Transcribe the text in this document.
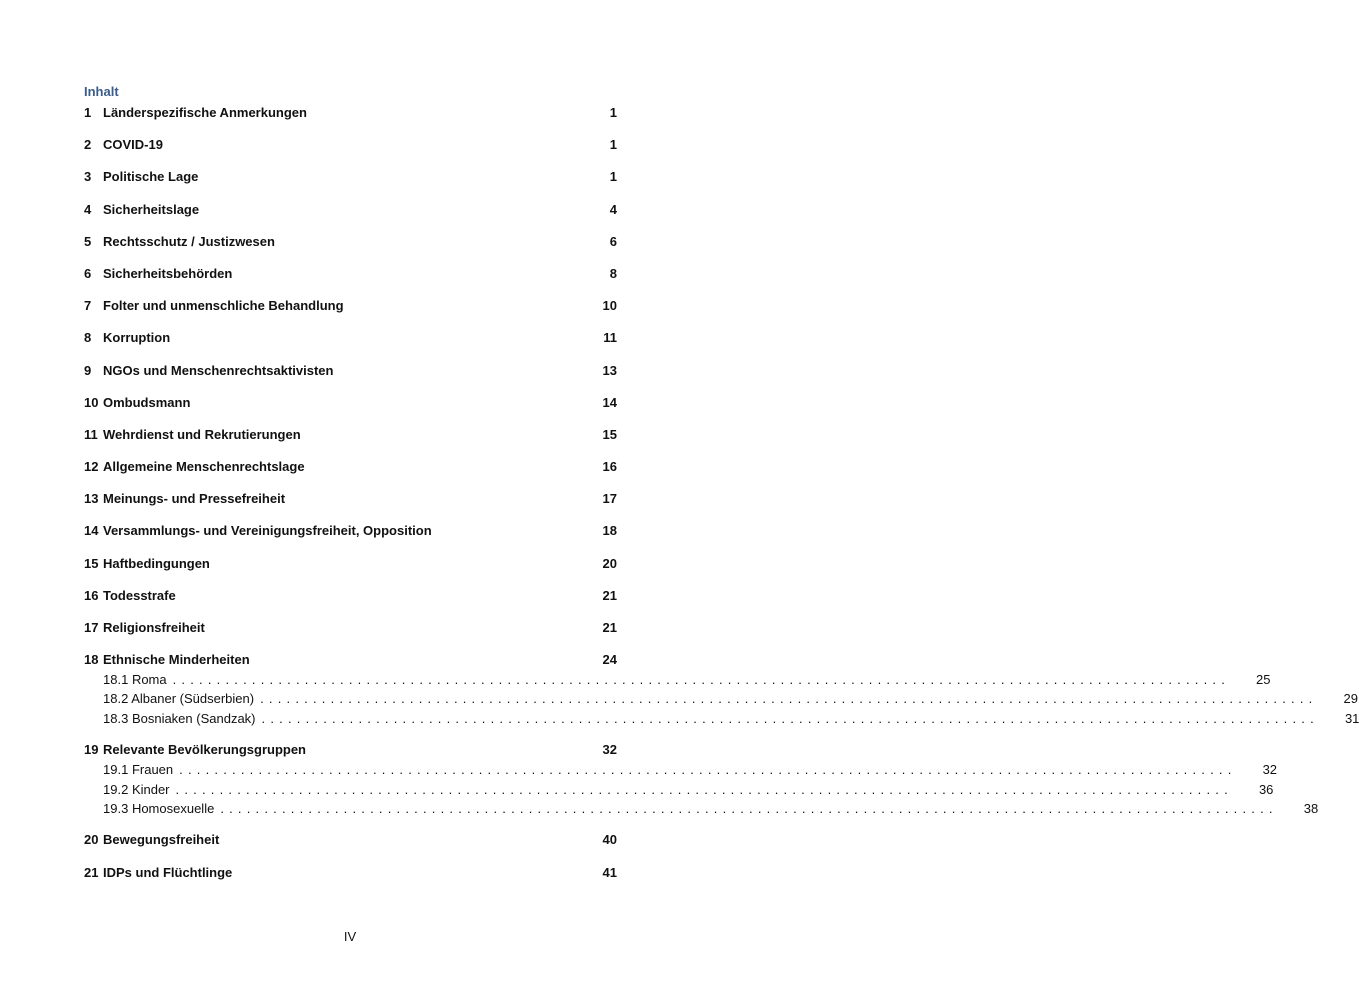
Inhalt
1 Länderspezifische Anmerkungen	1
2 COVID-19	1
3 Politische Lage	1
4 Sicherheitslage	4
5 Rechtsschutz / Justizwesen	6
6 Sicherheitsbehörden	8
7 Folter und unmenschliche Behandlung	10
8 Korruption	11
9 NGOs und Menschenrechtsaktivisten	13
10 Ombudsmann	14
11 Wehrdienst und Rekrutierungen	15
12 Allgemeine Menschenrechtslage	16
13 Meinungs- und Pressefreiheit	17
14 Versammlungs- und Vereinigungsfreiheit, Opposition	18
15 Haftbedingungen	20
16 Todesstrafe	21
17 Religionsfreiheit	21
18 Ethnische Minderheiten	24
18.1 Roma ........................................................................................................................ 25
18.2 Albaner (Südserbien) ........................................................................................................................ 29
18.3 Bosniaken (Sandzak) ........................................................................................................................ 31
19 Relevante Bevölkerungsgruppen	32
19.1 Frauen ........................................................................................................................ 32
19.2 Kinder ........................................................................................................................ 36
19.3 Homosexuelle ........................................................................................................................ 38
20 Bewegungsfreiheit	40
21 IDPs und Flüchtlinge	41
IV
